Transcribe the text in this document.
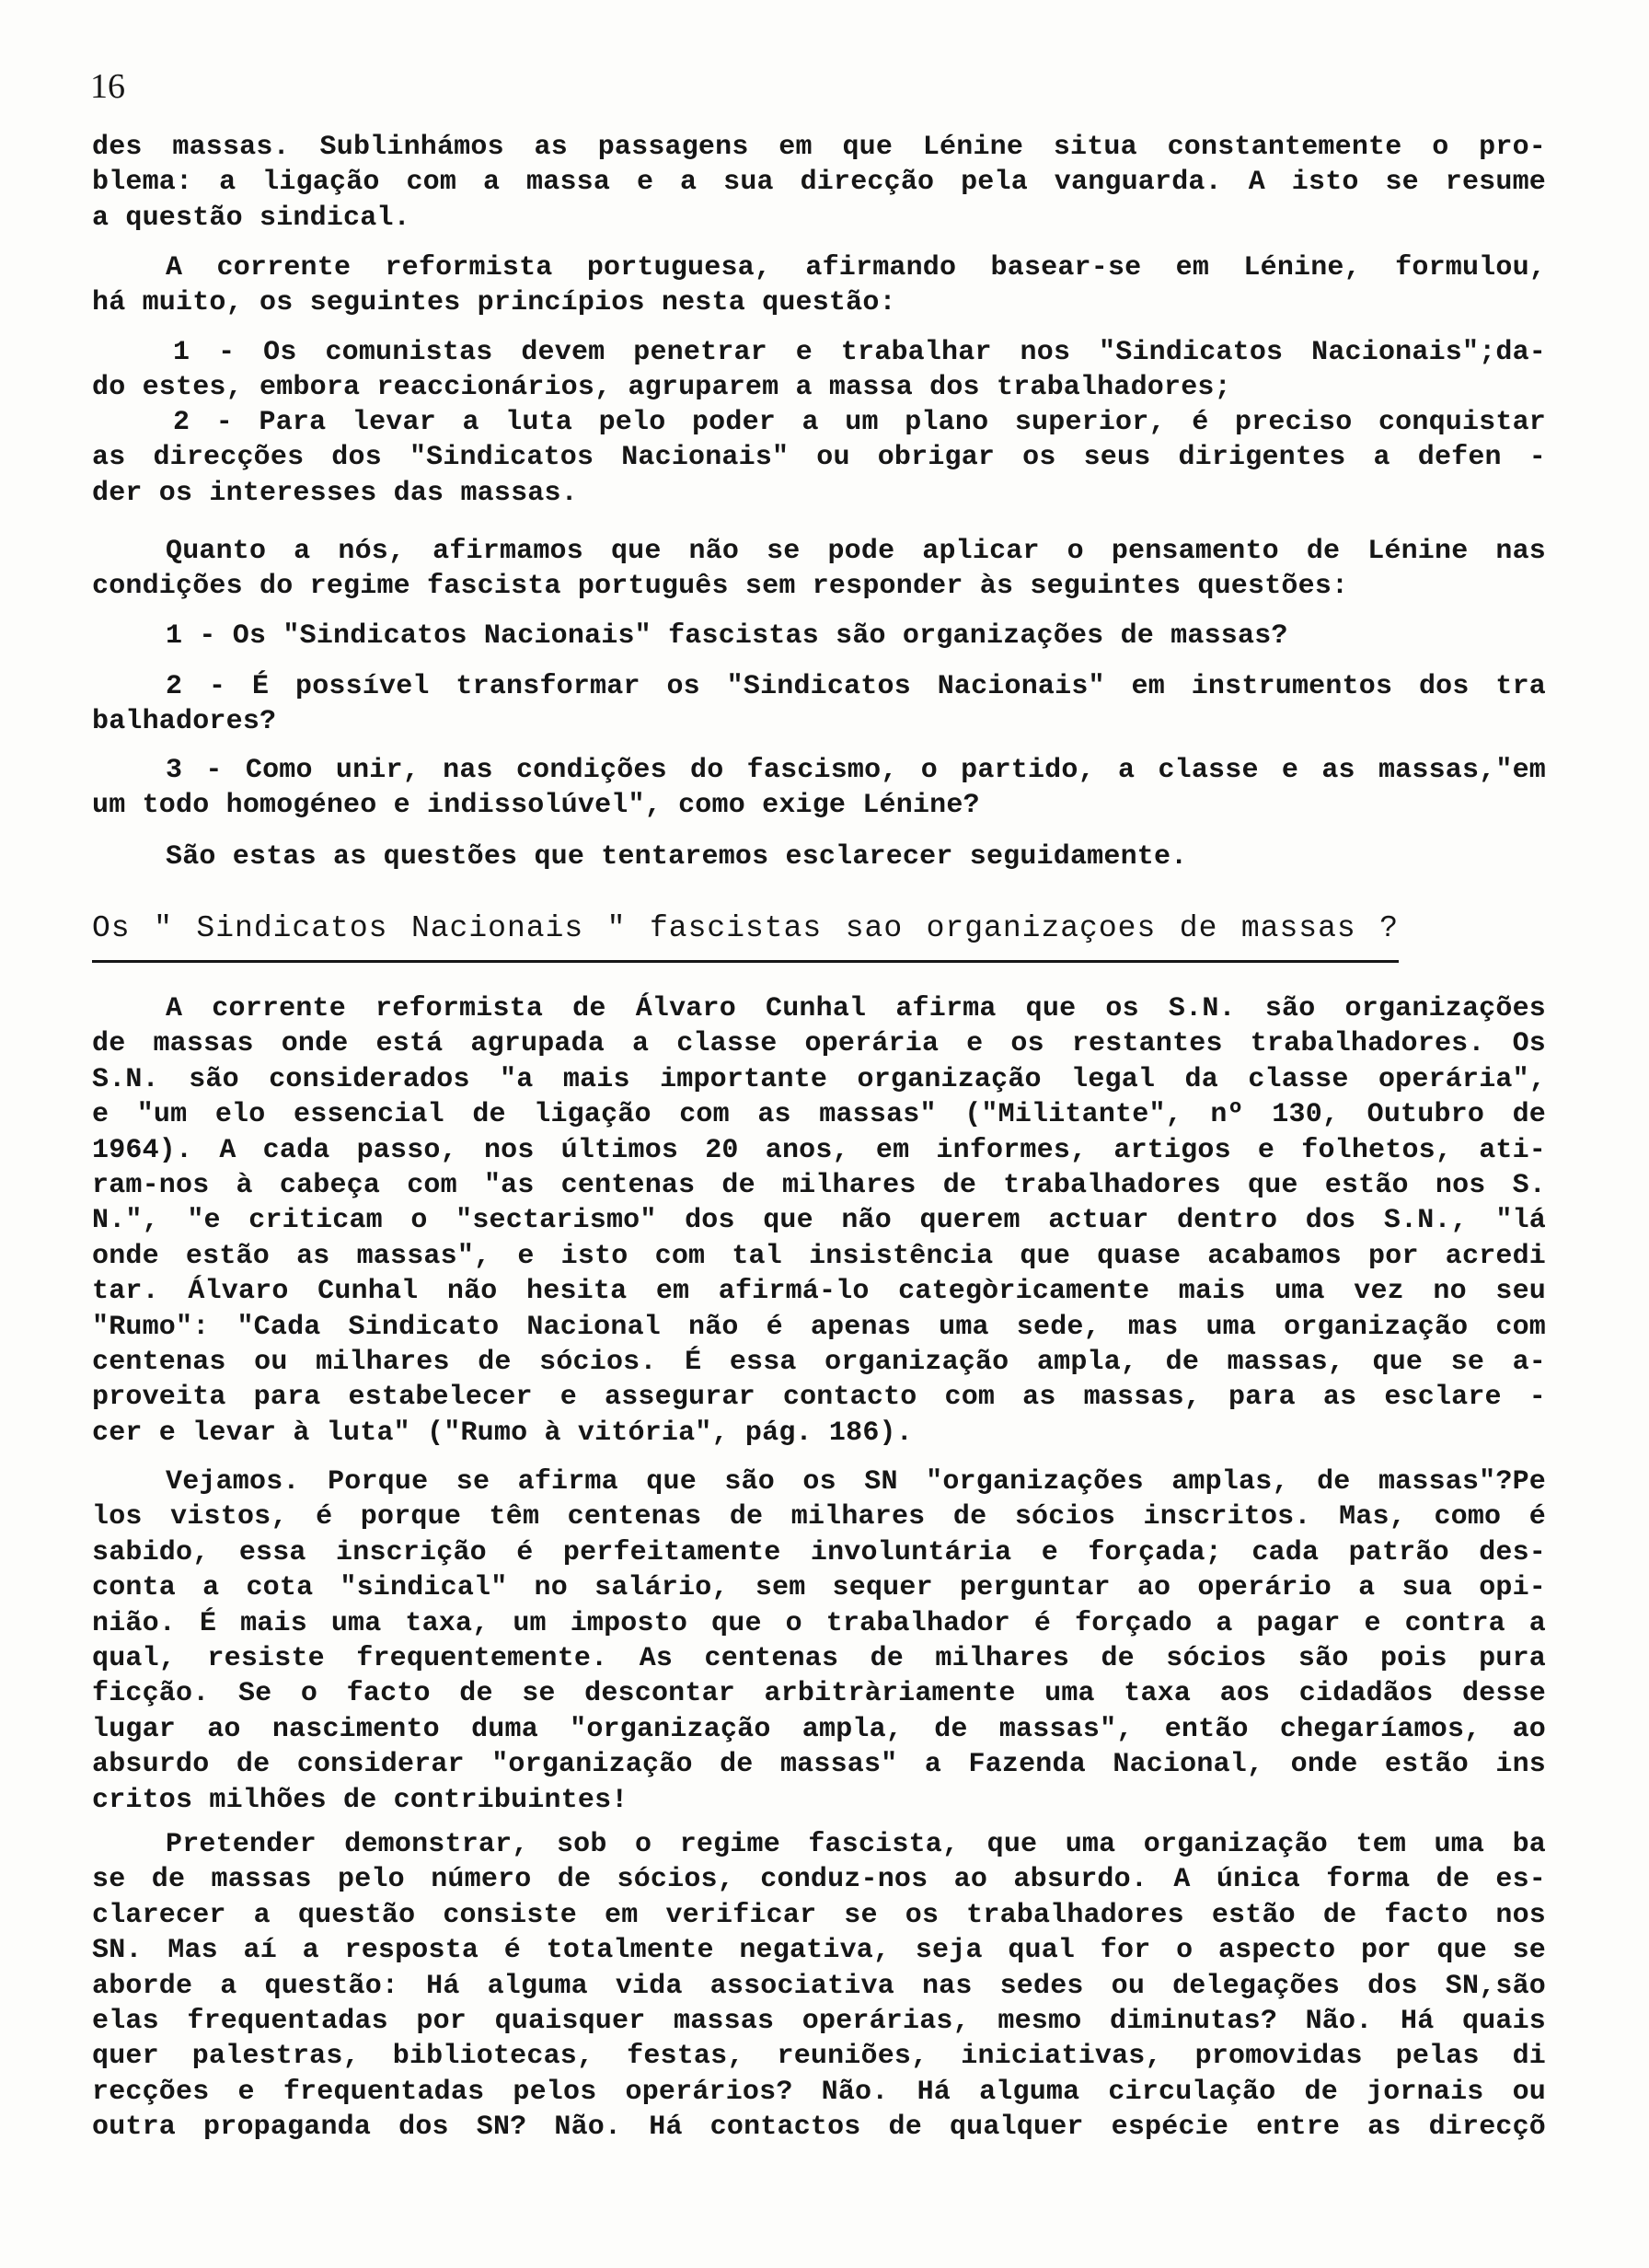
16
des massas. Sublinhámos as passagens em que Lénine situa constantemente o pro-
blema: a ligação com a massa e a sua direcção pela vanguarda. A isto se resume
a questão sindical.
A corrente reformista portuguesa, afirmando basear-se em Lénine, formulou,
há muito, os seguintes princípios nesta questão:
1 - Os comunistas devem penetrar e trabalhar nos "Sindicatos Nacionais";da-
do estes, embora reaccionários, agruparem a massa dos trabalhadores;
2 - Para levar a luta pelo poder a um plano superior, é preciso conquistar
as direcções dos "Sindicatos Nacionais" ou obrigar os seus dirigentes a defen -
der os interesses das massas.
Quanto a nós, afirmamos que não se pode aplicar o pensamento de Lénine nas
condições do regime fascista português sem responder às seguintes questões:
1 - Os "Sindicatos Nacionais" fascistas são organizações de massas?
2 - É possível transformar os "Sindicatos Nacionais" em instrumentos dos tra
balhadores?
3 - Como unir, nas condições do fascismo, o partido, a classe e as massas,"em
um todo homogéneo e indissolúvel", como exige Lénine?
São estas as questões que tentaremos esclarecer seguidamente.
Os " Sindicatos Nacionais " fascistas sao organizaçoes de massas ?
A corrente reformista de Álvaro Cunhal afirma que os S.N. são organizações
de massas onde está agrupada a classe operária e os restantes trabalhadores. Os
S.N. são considerados "a mais importante organização legal da classe operária",
e "um elo essencial de ligação com as massas" ("Militante", nº 130, Outubro de
1964). A cada passo, nos últimos 20 anos, em informes, artigos e folhetos, ati-
ram-nos à cabeça com "as centenas de milhares de trabalhadores que estão nos S.
N.", "e criticam o "sectarismo" dos que não querem actuar dentro dos S.N., "lá
onde estão as massas", e isto com tal insistência que quase acabamos por acredi
tar. Álvaro Cunhal não hesita em afirmá-lo categòricamente mais uma vez no seu
"Rumo": "Cada Sindicato Nacional não é apenas uma sede, mas uma organização com
centenas ou milhares de sócios. É essa organização ampla, de massas, que se a-
proveita para estabelecer e assegurar contacto com as massas, para as esclare -
cer e levar à luta" ("Rumo à vitória", pág. 186).
Vejamos. Porque se afirma que são os SN "organizações amplas, de massas"?Pe
los vistos, é porque têm centenas de milhares de sócios inscritos. Mas, como é
sabido, essa inscrição é perfeitamente involuntária e forçada; cada patrão des-
conta a cota "sindical" no salário, sem sequer perguntar ao operário a sua opi-
nião. É mais uma taxa, um imposto que o trabalhador é forçado a pagar e contra a
qual, resiste frequentemente. As centenas de milhares de sócios são pois pura
ficção. Se o facto de se descontar arbitràriamente uma taxa aos cidadãos desse
lugar ao nascimento duma "organização ampla, de massas", então chegaríamos, ao
absurdo de considerar "organização de massas" a Fazenda Nacional, onde estão ins
critos milhões de contribuintes!
Pretender demonstrar, sob o regime fascista, que uma organização tem uma ba
se de massas pelo número de sócios, conduz-nos ao absurdo. A única forma de es-
clarecer a questão consiste em verificar se os trabalhadores estão de facto nos
SN. Mas aí a resposta é totalmente negativa, seja qual for o aspecto por que se
aborde a questão: Há alguma vida associativa nas sedes ou delegações dos SN,são
elas frequentadas por quaisquer massas operárias, mesmo diminutas? Não. Há quais
quer palestras, bibliotecas, festas, reuniões, iniciativas, promovidas pelas di
recções e frequentadas pelos operários? Não. Há alguma circulação de jornais ou
outra propaganda dos SN? Não. Há contactos de qualquer espécie entre as direcçõ
